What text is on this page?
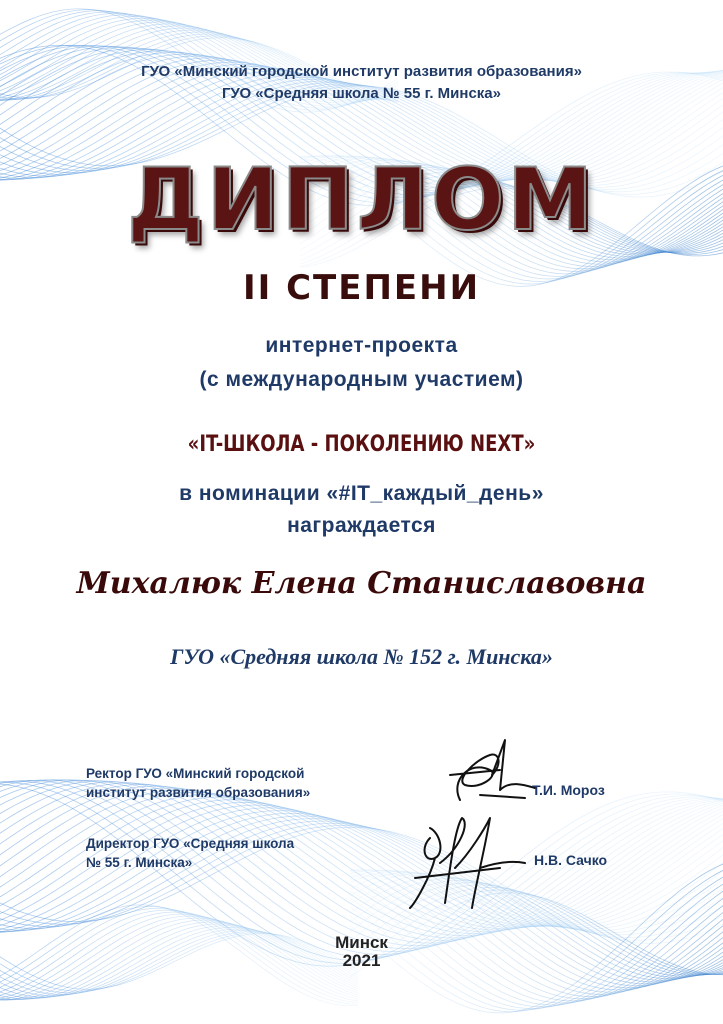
ГУО «Минский городской институт развития образования»
ГУО «Средняя школа № 55 г. Минска»
ДИПЛОМ
II СТЕПЕНИ
интернет-проекта
(с международным участием)
«IT-ШКОЛА - ПОКОЛЕНИЮ NEXT»
в номинации «#IT_каждый_день»
награждается
Михалюк Елена Станиславовна
ГУО «Средняя школа № 152 г. Минска»
Ректор ГУО «Минский городской
институт развития образования»	Т.И. Мороз
Директор ГУО «Средняя школа
№ 55 г. Минска»	Н.В. Сачко
Минск
2021
